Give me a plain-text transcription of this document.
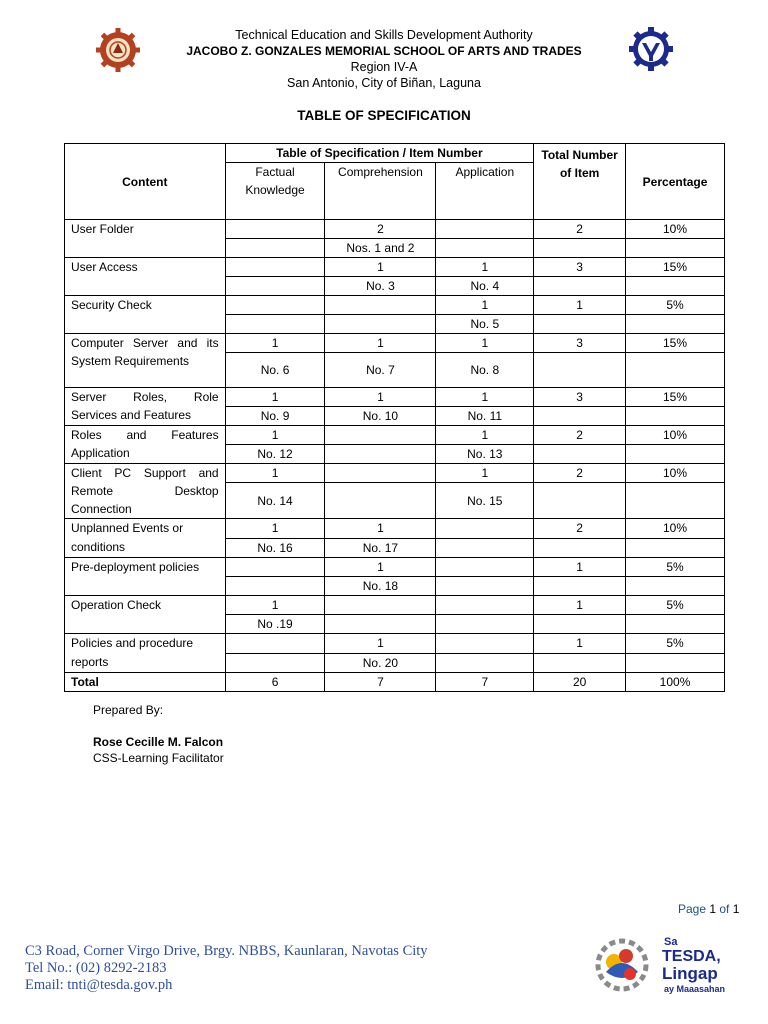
Technical Education and Skills Development Authority
JACOBO Z. GONZALES MEMORIAL SCHOOL OF ARTS AND TRADES
Region IV-A
San Antonio, City of Biñan, Laguna
TABLE OF SPECIFICATION
Content	Table of Specification / Item Number			Total Number of Item	Percentage
	Factual Knowledge	Comprehension	Application		
User Folder		2		2	10%
		Nos. 1 and 2			
User Access		1	1	3	15%
		No. 3	No. 4		
Security Check			1	1	5%
			No. 5		
Computer Server and its System Requirements	1	1	1	3	15%
	No. 6	No. 7	No. 8		
Server Roles, Role Services and Features	1	1	1	3	15%
	No. 9	No. 10	No. 11		
Roles and Features Application	1		1	2	10%
	No. 12		No. 13		
Client PC Support and Remote Desktop Connection	1		1	2	10%
	No. 14		No. 15		
Unplanned Events or conditions	1	1		2	10%
	No. 16	No. 17			
Pre-deployment policies		1		1	5%
		No. 18			
Operation Check	1			1	5%
	No .19				
Policies and procedure reports		1		1	5%
		No. 20			
Total	6	7	7	20	100%
Prepared By:
Rose Cecille M. Falcon
CSS-Learning Facilitator
Page 1 of 1
C3 Road, Corner Virgo Drive, Brgy. NBBS, Kaunlaran, Navotas City
Tel No.: (02) 8292-2183
Email: tnti@tesda.gov.ph
Sa
TESDA,
Lingap
ay Maaasahan
